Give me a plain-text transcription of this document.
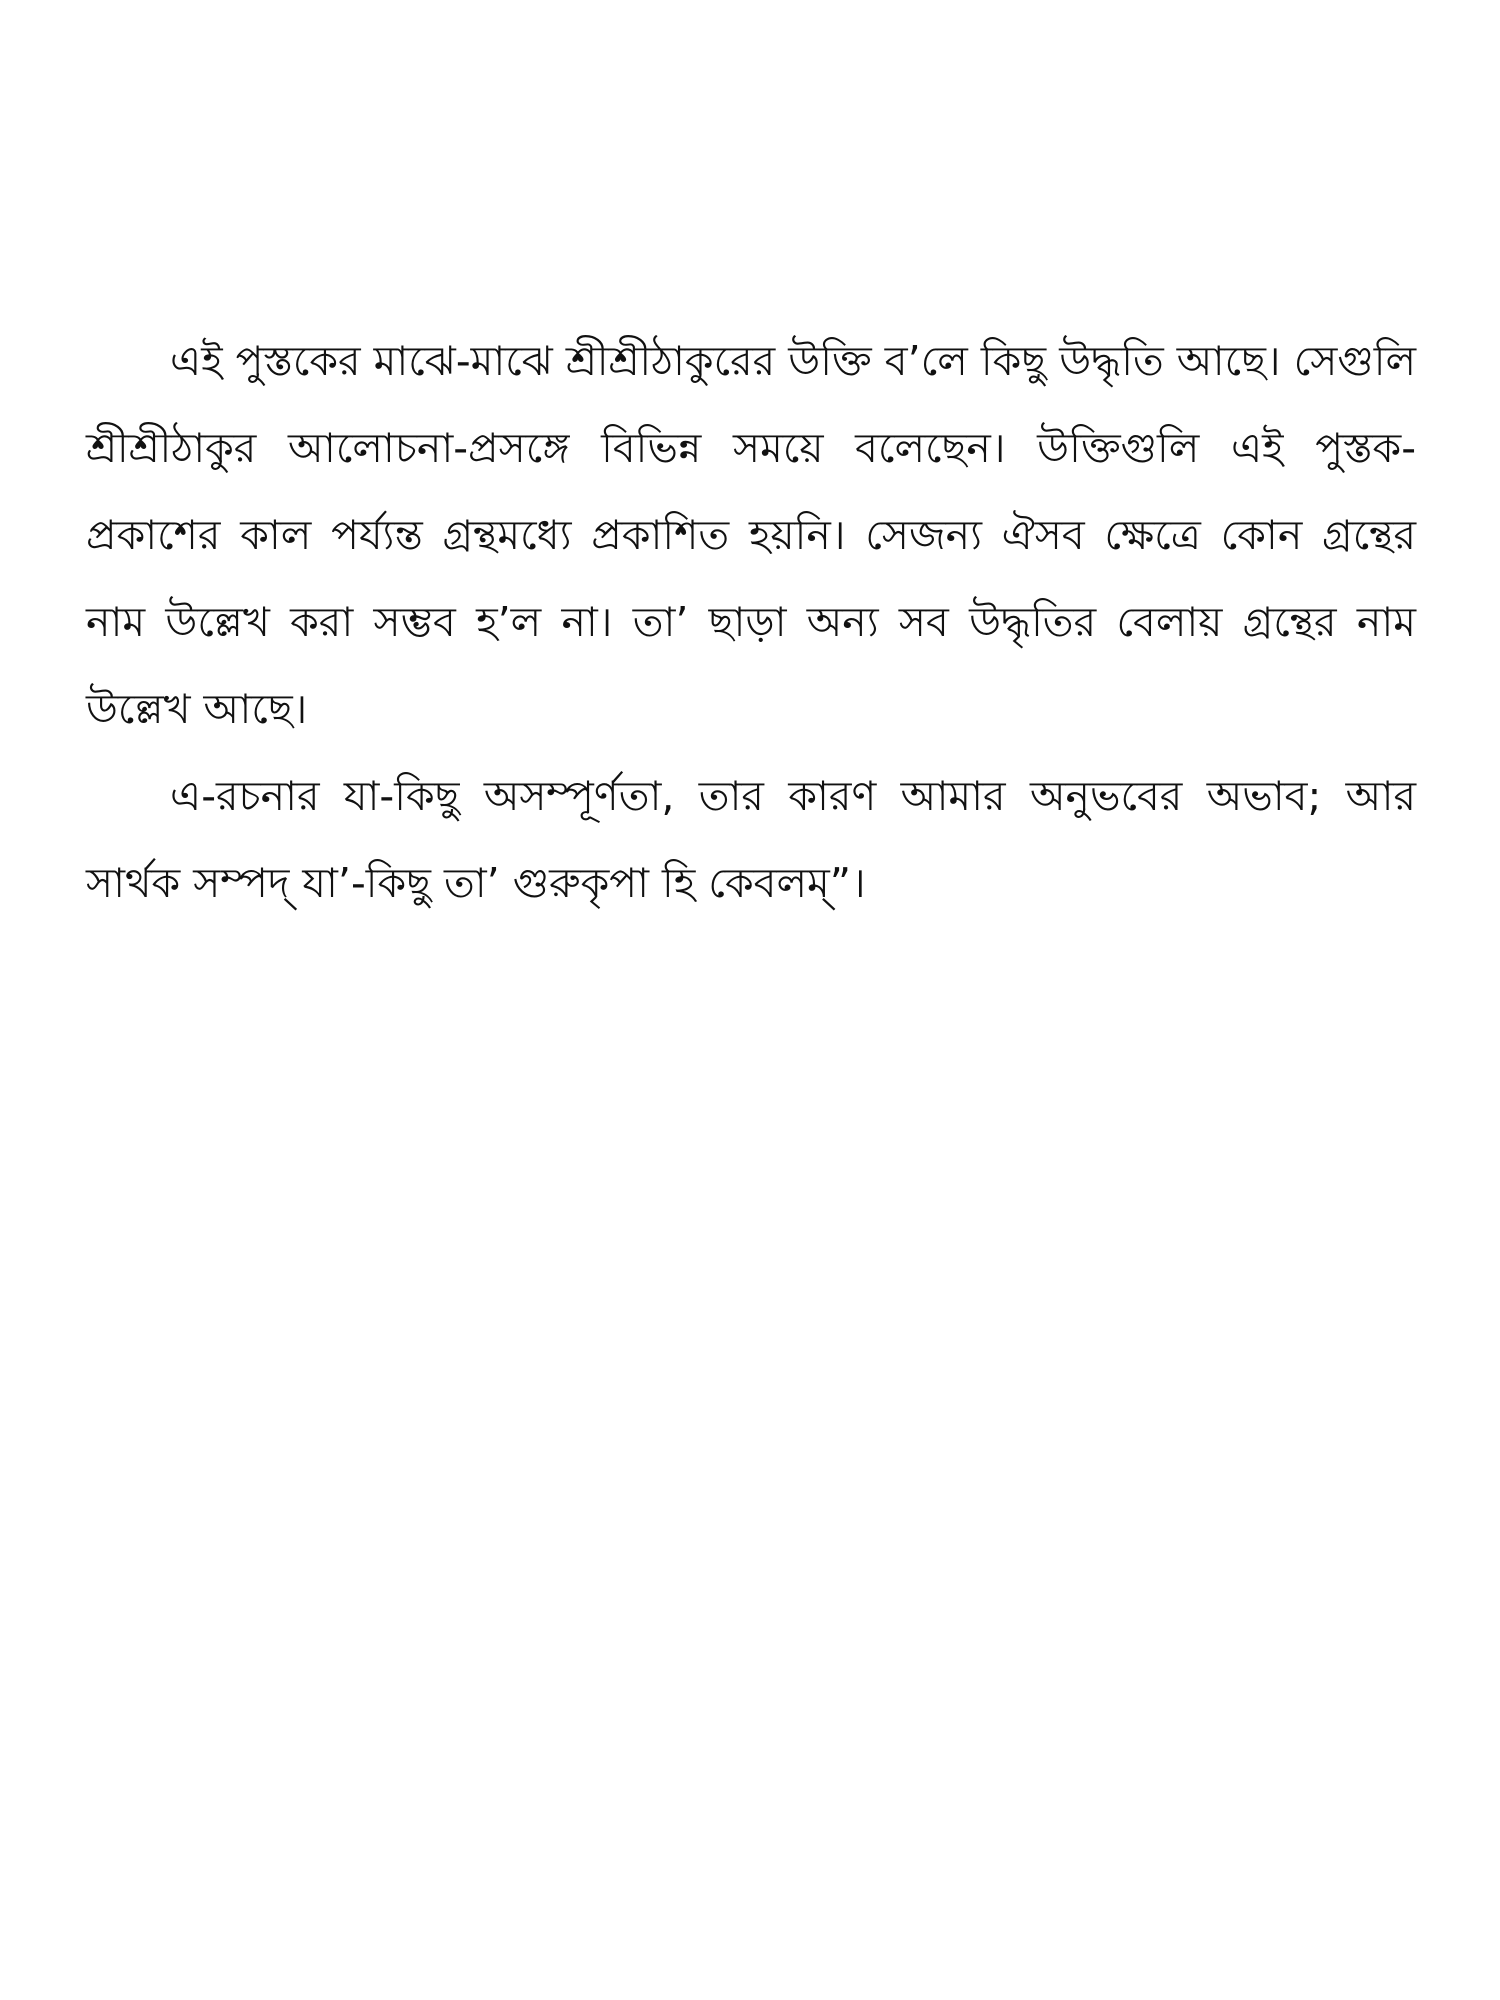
এই পুস্তকের মাঝে-মাঝে শ্রীশ্রীঠাকুরের উক্তি ব’লে কিছু উদ্ধৃতি আছে। সেগুলি শ্রীশ্রীঠাকুর আলোচনা-প্রসঙ্গে বিভিন্ন সময়ে বলেছেন। উক্তিগুলি এই পুস্তক-প্রকাশের কাল পর্য্যন্ত গ্রন্থমধ্যে প্রকাশিত হয়নি। সেজন্য ঐসব ক্ষেত্রে কোন গ্রন্থের নাম উল্লেখ করা সম্ভব হ’ল না। তা’ ছাড়া অন্য সব উদ্ধৃতির বেলায় গ্রন্থের নাম উল্লেখ আছে।

এ-রচনার যা-কিছু অসম্পূর্ণতা, তার কারণ আমার অনুভবের অভাব; আর সার্থক সম্পদ্ যা’-কিছু তা’ গুরুকৃপা হি কেবলম্”।
